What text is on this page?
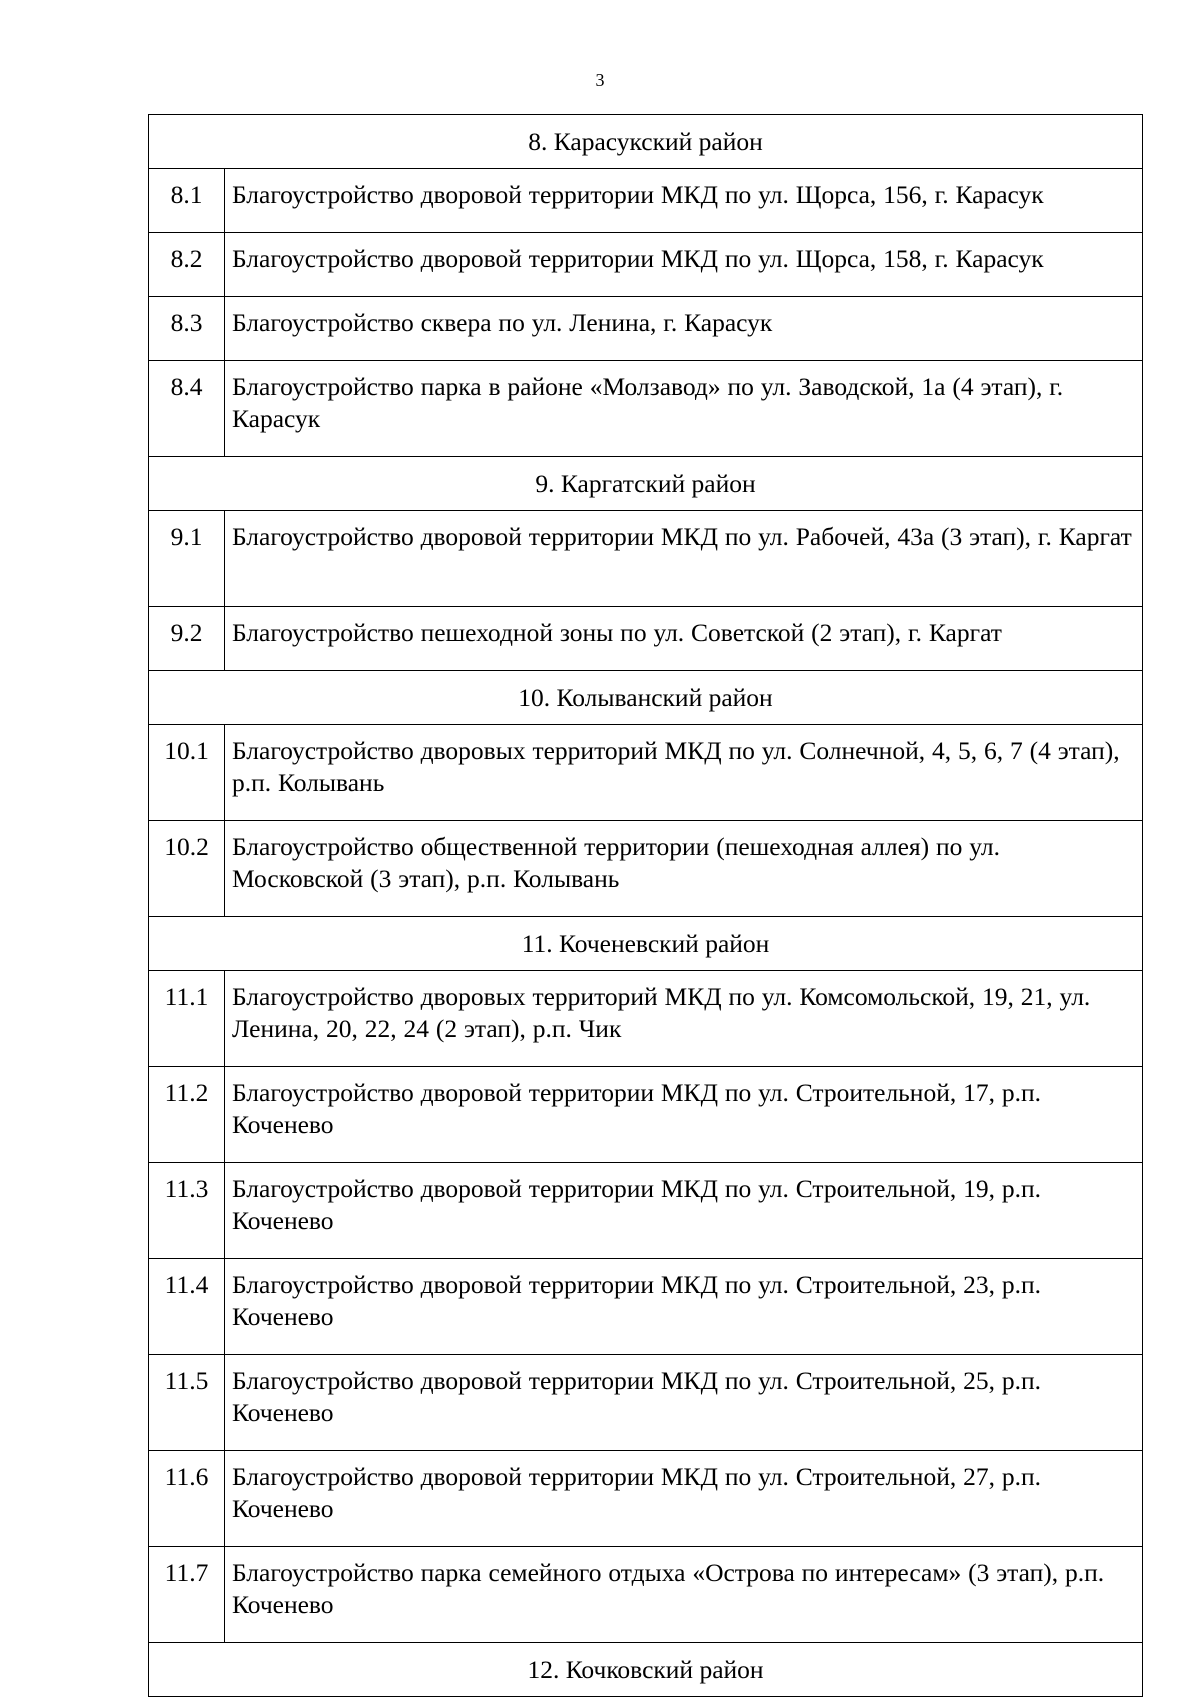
3
8. Карасукский район	
8.1	Благоустройство дворовой территории МКД по ул. Щорса, 156, г. Карасук
8.2	Благоустройство дворовой территории МКД по ул. Щорса, 158, г. Карасук
8.3	Благоустройство сквера по ул. Ленина, г. Карасук
8.4	Благоустройство парка в районе «Молзавод» по ул. Заводской, 1а (4 этап), г. Карасук
9. Каргатский район	
9.1	Благоустройство дворовой территории МКД по ул. Рабочей, 43а (3 этап), г. Каргат
9.2	Благоустройство пешеходной зоны по ул. Советской (2 этап), г. Каргат
10. Колыванский район	
10.1	Благоустройство дворовых территорий МКД по ул. Солнечной, 4, 5, 6, 7 (4 этап), р.п. Колывань
10.2	Благоустройство общественной территории (пешеходная аллея) по ул. Московской (3 этап), р.п. Колывань
11. Коченевский район	
11.1	Благоустройство дворовых территорий МКД по ул. Комсомольской, 19, 21, ул. Ленина, 20, 22, 24 (2 этап), р.п. Чик
11.2	Благоустройство дворовой территории МКД по ул. Строительной, 17, р.п. Коченево
11.3	Благоустройство дворовой территории МКД по ул. Строительной, 19, р.п. Коченево
11.4	Благоустройство дворовой территории МКД по ул. Строительной, 23, р.п. Коченево
11.5	Благоустройство дворовой территории МКД по ул. Строительной, 25, р.п. Коченево
11.6	Благоустройство дворовой территории МКД по ул. Строительной, 27, р.п. Коченево
11.7	Благоустройство парка семейного отдыха «Острова по интересам» (3 этап), р.п. Коченево
12. Кочковский район	
